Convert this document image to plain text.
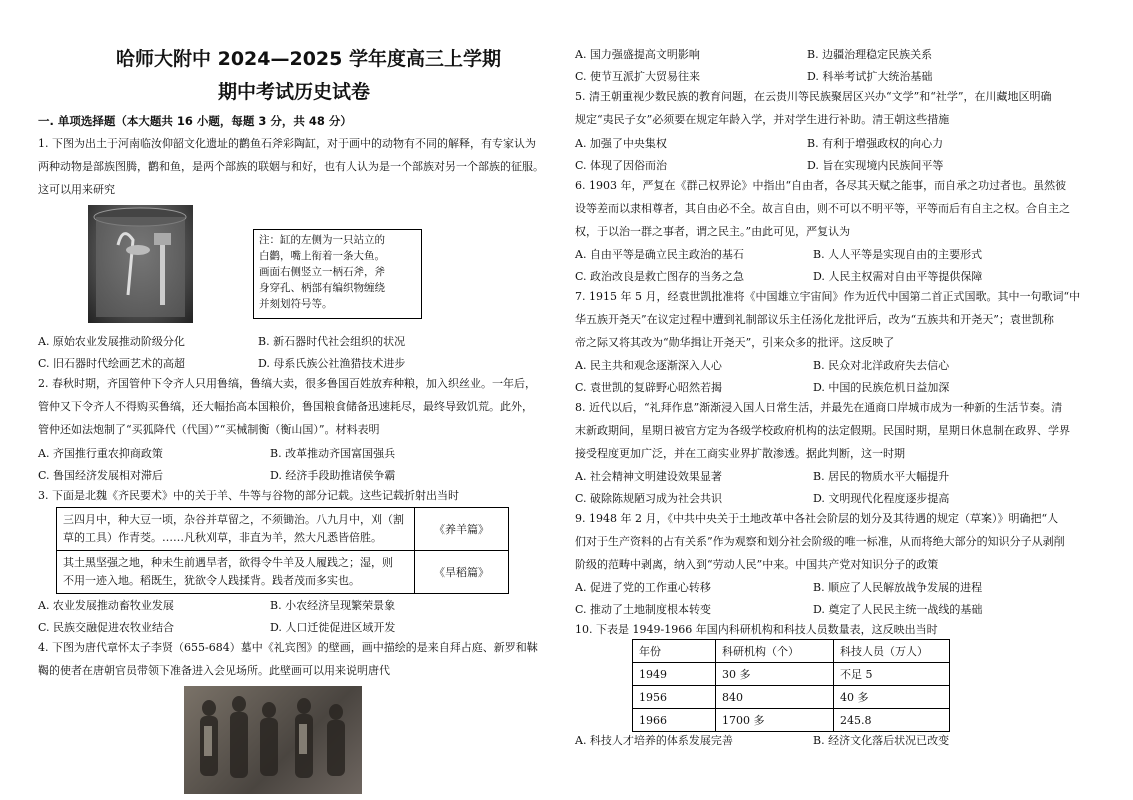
哈师大附中 2024—2025 学年度高三上学期
期中考试历史试卷
一. 单项选择题（本大题共 16 小题，每题 3 分，共 48 分）
1. 下图为出土于河南临汝仰韶文化遗址的鹳鱼石斧彩陶缸，对于画中的动物有不同的解释，有专家认为
两种动物是部族图腾，鹳和鱼，是两个部族的联姻与和好，也有人认为是一个部族对另一个部族的征服。
这可以用来研究
注：缸的左侧为一只站立的
白鹳，嘴上衔着一条大鱼。
画面右侧竖立一柄石斧，斧
身穿孔、柄部有编织物缠绕
并刻划符号等。
A. 原始农业发展推动阶级分化	B. 新石器时代社会组织的状况
C. 旧石器时代绘画艺术的高超	D. 母系氏族公社渔猎技术进步
2. 春秋时期，齐国管仲下令齐人只用鲁缟，鲁缟大卖，很多鲁国百姓放弃种粮，加入织丝业。一年后，
管仲又下令齐人不得购买鲁缟，还大幅抬高本国粮价，鲁国粮食储备迅速耗尽，最终导致饥荒。此外，
管仲还如法炮制了“买狐降代（代国）”“买械制衡（衡山国）”。材料表明
A. 齐国推行重农抑商政策	B. 改革推动齐国富国强兵
C. 鲁国经济发展相对滞后	D. 经济手段助推诸侯争霸
3. 下面是北魏《齐民要术》中的关于羊、牛等与谷物的部分记载。这些记载折射出当时
三四月中，种大豆一顷，杂谷并草留之，不须锄治。八九月中，刈（割
草的工具）作青茭。……凡秋刈草，非直为羊，然大凡悉皆倍胜。	《养羊篇》

其土黑坚强之地，种未生前遇旱者，欲得令牛羊及人履践之；湿，则
不用一迹入地。稻既生，犹欲令人践揉背。践者茂而多实也。	《旱稻篇》
A. 农业发展推动畜牧业发展	B. 小农经济呈现繁荣景象
C. 民族交融促进农牧业结合	D. 人口迁徙促进区域开发
4. 下图为唐代章怀太子李贤（655-684）墓中《礼宾图》的壁画，画中描绘的是来自拜占庭、新罗和靺
鞨的使者在唐朝官员带领下准备进入会见场所。此壁画可以用来说明唐代
A. 国力强盛提高文明影响	B. 边疆治理稳定民族关系
C. 使节互派扩大贸易往来	D. 科举考试扩大统治基础
5. 清王朝重视少数民族的教育问题，在云贵川等民族聚居区兴办“文学”和“社学”，在川藏地区明确
规定“夷民子女”必须要在规定年龄入学，并对学生进行补助。清王朝这些措施
A. 加强了中央集权	B. 有利于增强政权的向心力
C. 体现了因俗而治	D. 旨在实现境内民族间平等
6. 1903 年，严复在《群己权界论》中指出“自由者，各尽其天赋之能事，而自承之功过者也。虽然彼
设等差而以隶相尊者，其自由必不全。故言自由，则不可以不明平等，平等而后有自主之权。合自主之
权，于以治一群之事者，谓之民主。”由此可见，严复认为
A. 自由平等是确立民主政治的基石	B. 人人平等是实现自由的主要形式
C. 政治改良是救亡图存的当务之急	D. 人民主权需对自由平等提供保障
7. 1915 年 5 月，经袁世凯批准将《中国雄立宇宙间》作为近代中国第二首正式国歌。其中一句歌词“中
华五族开尧天”在议定过程中遭到礼制部议乐主任汤化龙批评后，改为“五族共和开尧天”；袁世凯称
帝之际又将其改为“勋华揖让开尧天”，引来众多的批评。这反映了
A. 民主共和观念逐渐深入人心	B. 民众对北洋政府失去信心
C. 袁世凯的复辟野心昭然若揭	D. 中国的民族危机日益加深
8. 近代以后，“礼拜作息”渐渐浸入国人日常生活，并最先在通商口岸城市成为一种新的生活节奏。清
末新政期间，星期日被官方定为各级学校政府机构的法定假期。民国时期，星期日休息制在政界、学界
接受程度更加广泛，并在工商实业界扩散渗透。据此判断，这一时期
A. 社会精神文明建设效果显著	B. 居民的物质水平大幅提升
C. 破除陈规陋习成为社会共识	D. 文明现代化程度逐步提高
9. 1948 年 2 月，《中共中央关于土地改革中各社会阶层的划分及其待遇的规定（草案）》明确把“人
们对于生产资料的占有关系”作为观察和划分社会阶级的唯一标准，从而将绝大部分的知识分子从剥削
阶级的范畴中剥离，纳入到“劳动人民”中来。中国共产党对知识分子的政策
A. 促进了党的工作重心转移	B. 顺应了人民解放战争发展的进程
C. 推动了土地制度根本转变	D. 奠定了人民民主统一战线的基础
10. 下表是 1949-1966 年国内科研机构和科技人员数量表，这反映出当时
年份	科研机构（个）	科技人员（万人）
1949	30 多	不足 5
1956	840	40 多
1966	1700 多	245.8
A. 科技人才培养的体系发展完善	B. 经济文化落后状况已改变
